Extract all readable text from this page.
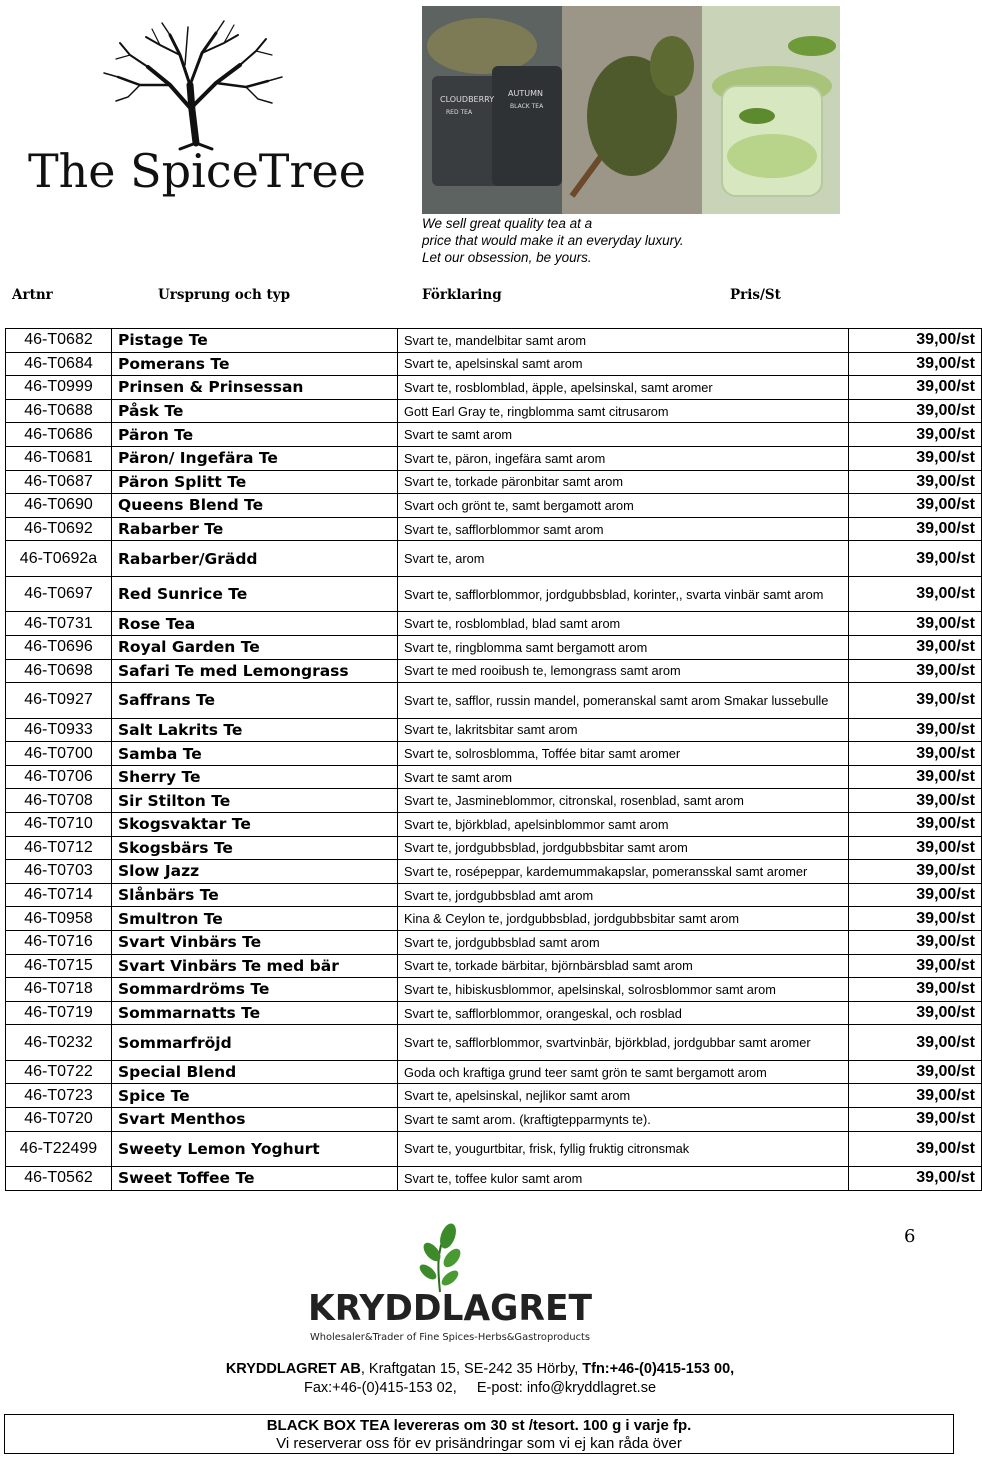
The SpiceTree
CLOUDBERRY
RED TEA
AUTUMN
BLACK TEA
We sell great quality tea at a
price that would make it an everyday luxury.
Let our obsession, be yours.
Artnr	Ursprung och typ	Förklaring	Pris/St
46-T0682	Pistage Te	Svart te, mandelbitar samt arom	39,00/st
46-T0684	Pomerans Te	Svart te, apelsinskal samt arom	39,00/st
46-T0999	Prinsen & Prinsessan	Svart te, rosblomblad, äpple, apelsinskal, samt aromer	39,00/st
46-T0688	Påsk Te	Gott Earl Gray te, ringblomma samt citrusarom	39,00/st
46-T0686	Päron Te	Svart te samt arom	39,00/st
46-T0681	Päron/ Ingefära Te	Svart te, päron, ingefära samt arom	39,00/st
46-T0687	Päron Splitt Te	Svart te, torkade päronbitar samt arom	39,00/st
46-T0690	Queens Blend Te	Svart och grönt te, samt bergamott arom	39,00/st
46-T0692	Rabarber Te	Svart te, safflorblommor samt arom	39,00/st
46-T0692a	Rabarber/Grädd	Svart te, arom	39,00/st
46-T0697	Red Sunrice Te	Svart te, safflorblommor, jordgubbsblad, korinter,, svarta vinbär samt arom	39,00/st
46-T0731	Rose Tea	Svart te, rosblomblad, blad samt arom	39,00/st
46-T0696	Royal Garden Te	Svart te, ringblomma samt bergamott arom	39,00/st
46-T0698	Safari Te med Lemongrass	Svart te med rooibush te, lemongrass samt arom	39,00/st
46-T0927	Saffrans Te	Svart te, safflor, russin mandel, pomeranskal samt arom Smakar lussebulle	39,00/st
46-T0933	Salt Lakrits Te	Svart te, lakritsbitar samt arom	39,00/st
46-T0700	Samba Te	Svart te, solrosblomma, Toffée bitar samt aromer	39,00/st
46-T0706	Sherry Te	Svart te samt arom	39,00/st
46-T0708	Sir Stilton Te	Svart te, Jasmineblommor, citronskal, rosenblad, samt arom	39,00/st
46-T0710	Skogsvaktar Te	Svart te, björkblad, apelsinblommor samt arom	39,00/st
46-T0712	Skogsbärs Te	Svart te, jordgubbsblad, jordgubbsbitar samt arom	39,00/st
46-T0703	Slow Jazz	Svart te, rosépeppar, kardemummakapslar, pomeransskal samt aromer	39,00/st
46-T0714	Slånbärs Te	Svart te, jordgubbsblad amt arom	39,00/st
46-T0958	Smultron Te	Kina & Ceylon te, jordgubbsblad, jordgubbsbitar samt arom	39,00/st
46-T0716	Svart Vinbärs Te	Svart te, jordgubbsblad samt arom	39,00/st
46-T0715	Svart Vinbärs Te med bär	Svart te, torkade bärbitar, björnbärsblad samt arom	39,00/st
46-T0718	Sommardröms Te	Svart te, hibiskusblommor, apelsinskal, solrosblommor samt arom	39,00/st
46-T0719	Sommarnatts Te	Svart te, safflorblommor, orangeskal, och rosblad	39,00/st
46-T0232	Sommarfröjd	Svart te, safflorblommor, svartvinbär, björkblad, jordgubbar samt aromer	39,00/st
46-T0722	Special Blend	Goda och kraftiga grund teer samt grön te samt bergamott arom	39,00/st
46-T0723	Spice Te	Svart te, apelsinskal, nejlikor samt arom	39,00/st
46-T0720	Svart Menthos	Svart te samt arom. (kraftigtepparmynts te).	39,00/st
46-T22499	Sweety Lemon Yoghurt	Svart te, yougurtbitar, frisk, fyllig fruktig citronsmak	39,00/st
46-T0562	Sweet Toffee Te	Svart te, toffee kulor samt arom	39,00/st
6
KRYDDLAGRET
Wholesaler&Trader of Fine Spices-Herbs&Gastroproducts
KRYDDLAGRET AB, Kraftgatan 15, SE-242 35 Hörby, Tfn:+46-(0)415-153 00,
Fax:+46-(0)415-153 02,     E-post: info@kryddlagret.se
BLACK BOX TEA levereras om 30 st /tesort. 100 g i varje fp.
Vi reserverar oss för ev prisändringar som vi ej kan råda över
